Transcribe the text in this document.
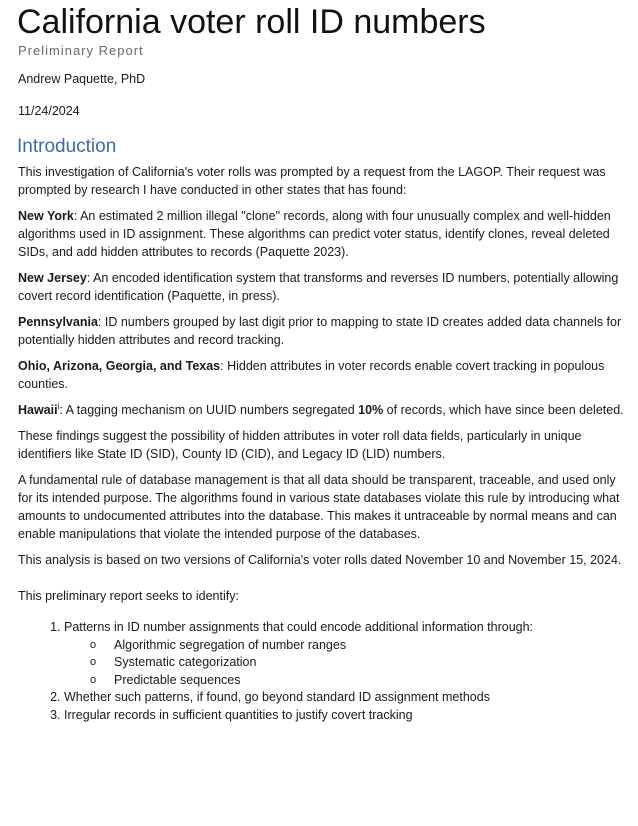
California voter roll ID numbers
Preliminary Report
Andrew Paquette, PhD
11/24/2024
Introduction

This investigation of California's voter rolls was prompted by a request from the LAGOP. Their request was prompted by research I have conducted in other states that has found:

New York: An estimated 2 million illegal "clone" records, along with four unusually complex and well-hidden algorithms used in ID assignment. These algorithms can predict voter status, identify clones, reveal deleted SIDs, and add hidden attributes to records (Paquette 2023).

New Jersey: An encoded identification system that transforms and reverses ID numbers, potentially allowing covert record identification (Paquette, in press).

Pennsylvania: ID numbers grouped by last digit prior to mapping to state ID creates added data channels for potentially hidden attributes and record tracking.

Ohio, Arizona, Georgia, and Texas: Hidden attributes in voter records enable covert tracking in populous counties.

Hawaii$^i$: A tagging mechanism on UUID numbers segregated 10% of records, which have since been deleted.

These findings suggest the possibility of hidden attributes in voter roll data fields, particularly in unique identifiers like State ID (SID), County ID (CID), and Legacy ID (LID) numbers.

A fundamental rule of database management is that all data should be transparent, traceable, and used only for its intended purpose. The algorithms found in various state databases violate this rule by introducing what amounts to undocumented attributes into the database. This makes it untraceable by normal means and can enable manipulations that violate the intended purpose of the databases.

This analysis is based on two versions of California's voter rolls dated November 10 and November 15, 2024.

This preliminary report seeks to identify:

1. Patterns in ID number assignments that could encode additional information through:
o Algorithmic segregation of number ranges
o Systematic categorization
o Predictable sequences
2. Whether such patterns, if found, go beyond standard ID assignment methods
3. Irregular records in sufficient quantities to justify covert tracking
